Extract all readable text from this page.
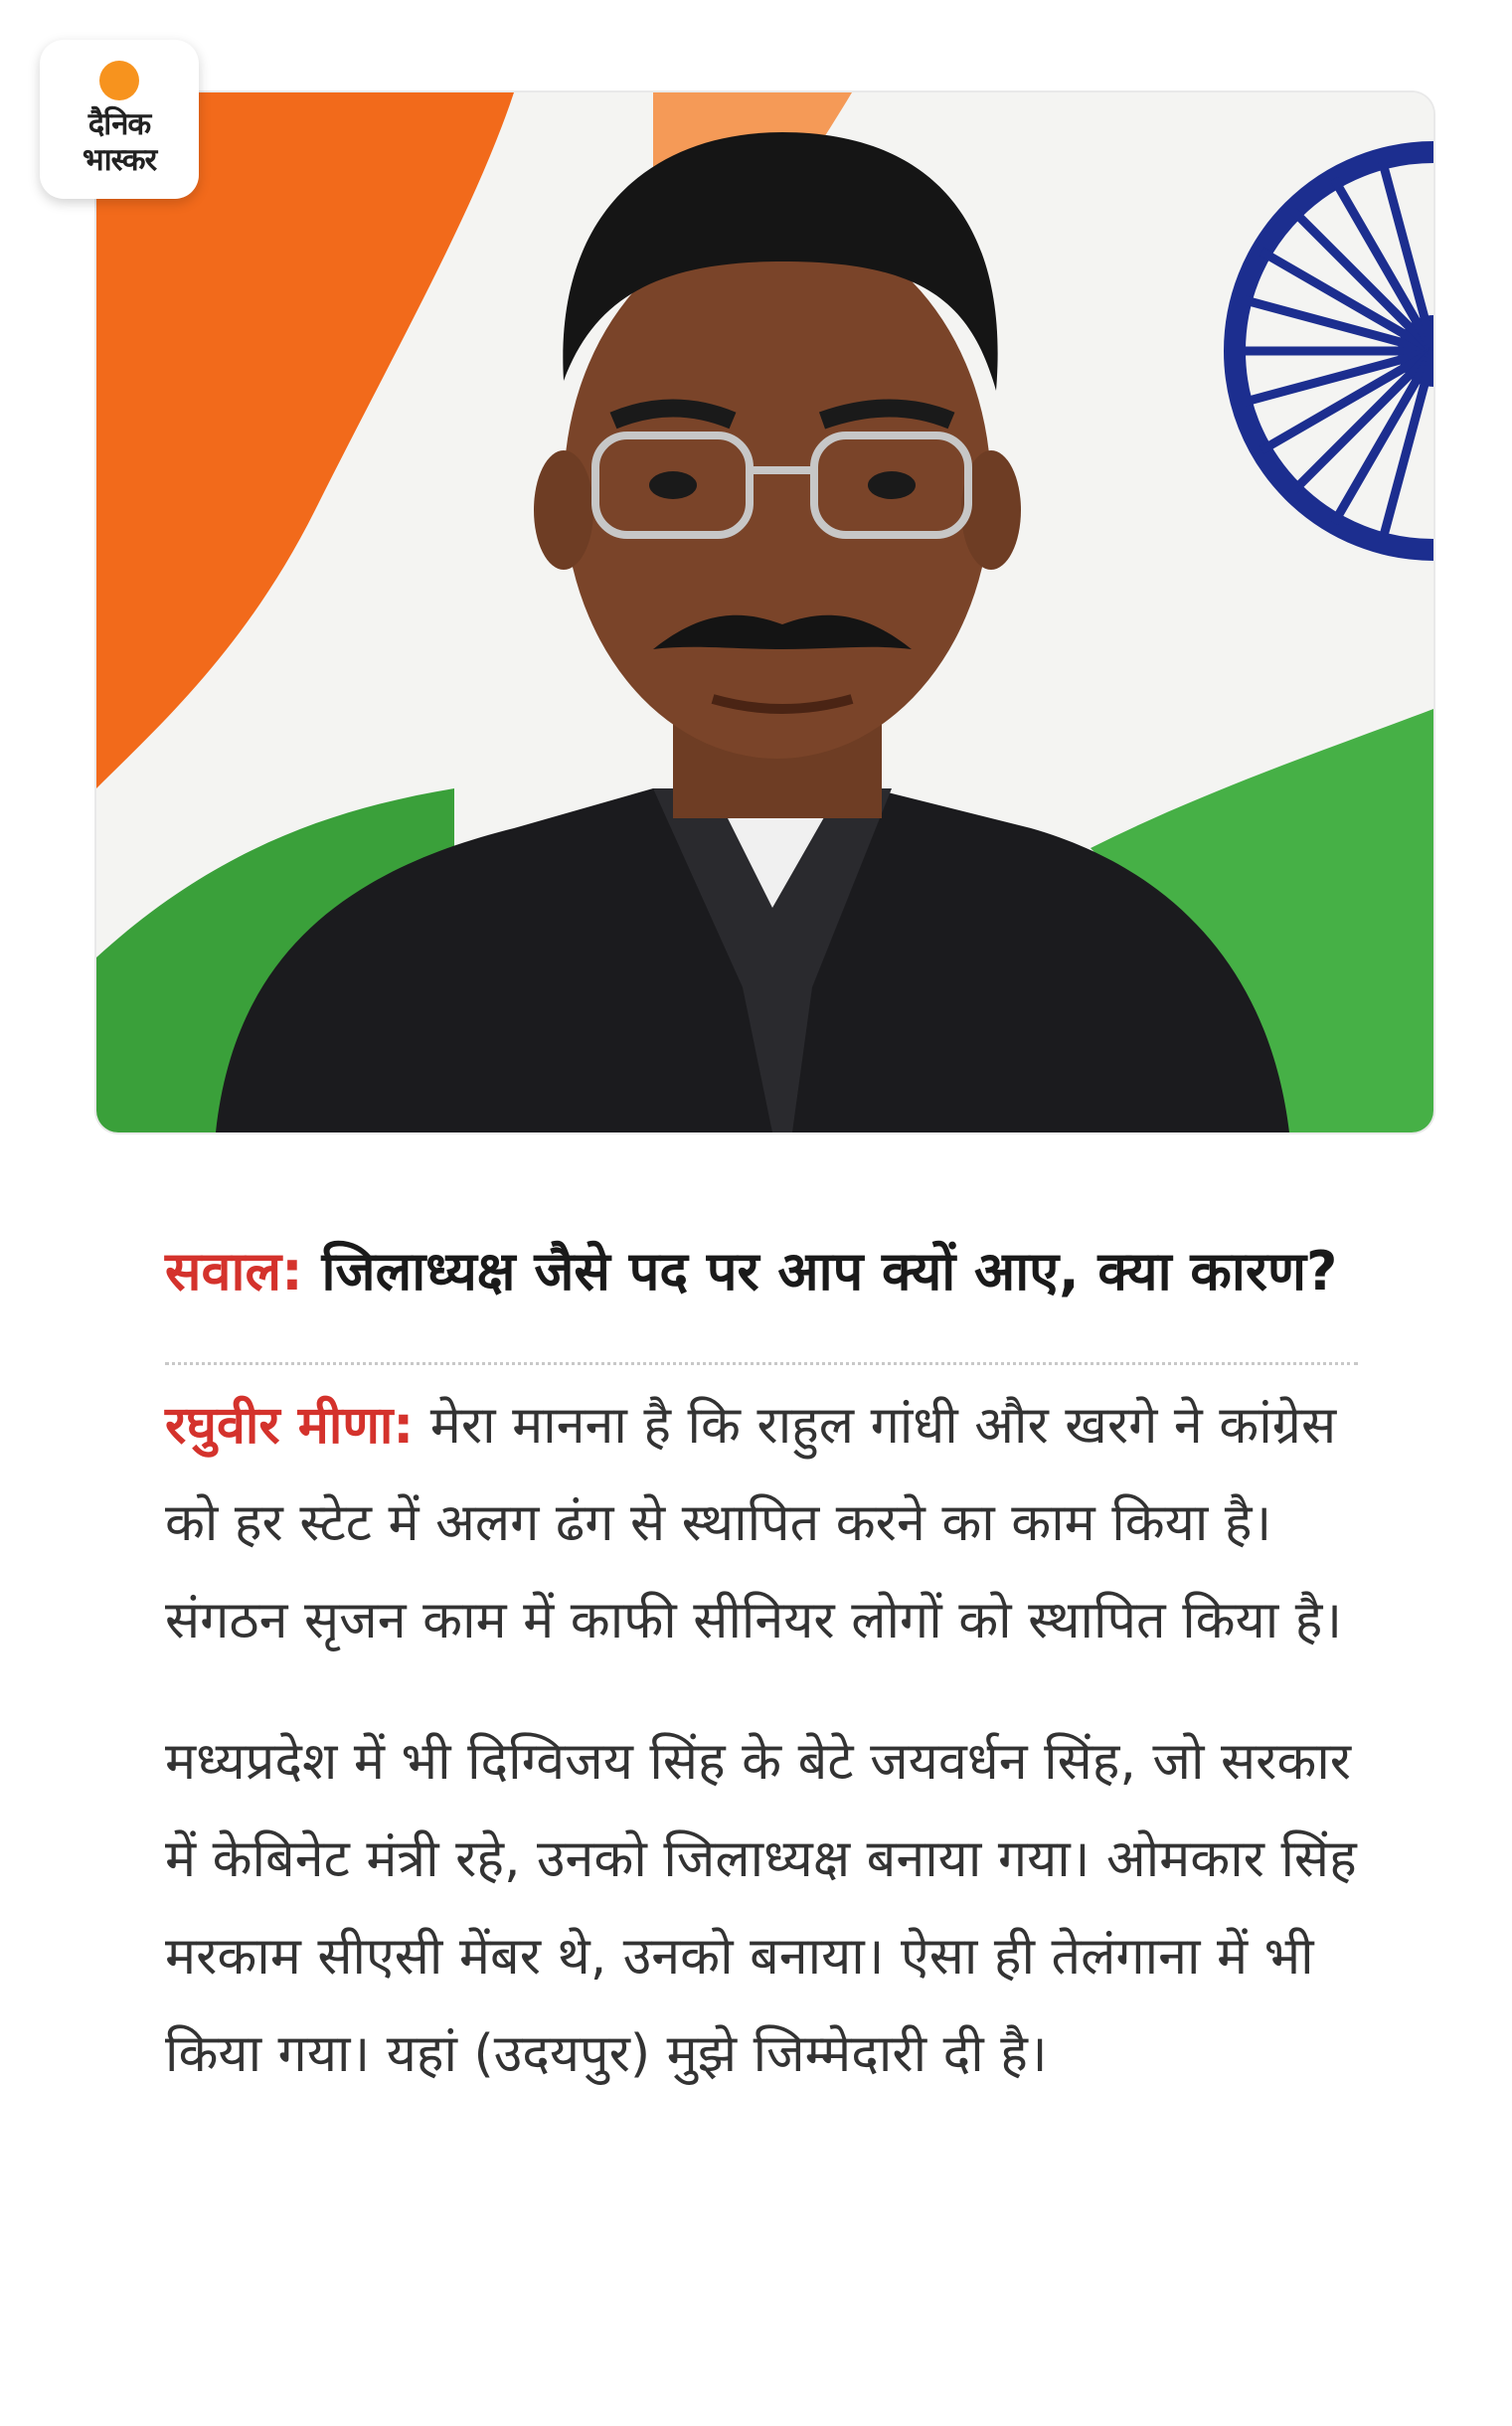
दैनिक
भास्कर

सवाल: जिलाध्यक्ष जैसे पद पर आप क्यों आए, क्या कारण?

रघुवीर मीणा: मेरा मानना है कि राहुल गांधी और खरगे ने कांग्रेस को हर स्टेट में अलग ढंग से स्थापित करने का काम किया है। संगठन सृजन काम में काफी सीनियर लोगों को स्थापित किया है।

मध्यप्रदेश में भी दिग्विजय सिंह के बेटे जयवर्धन सिंह, जो सरकार में केबिनेट मंत्री रहे, उनको जिलाध्यक्ष बनाया गया। ओमकार सिंह मरकाम सीएसी मेंबर थे, उनको बनाया। ऐसा ही तेलंगाना में भी किया गया। यहां (उदयपुर) मुझे जिम्मेदारी दी है।
